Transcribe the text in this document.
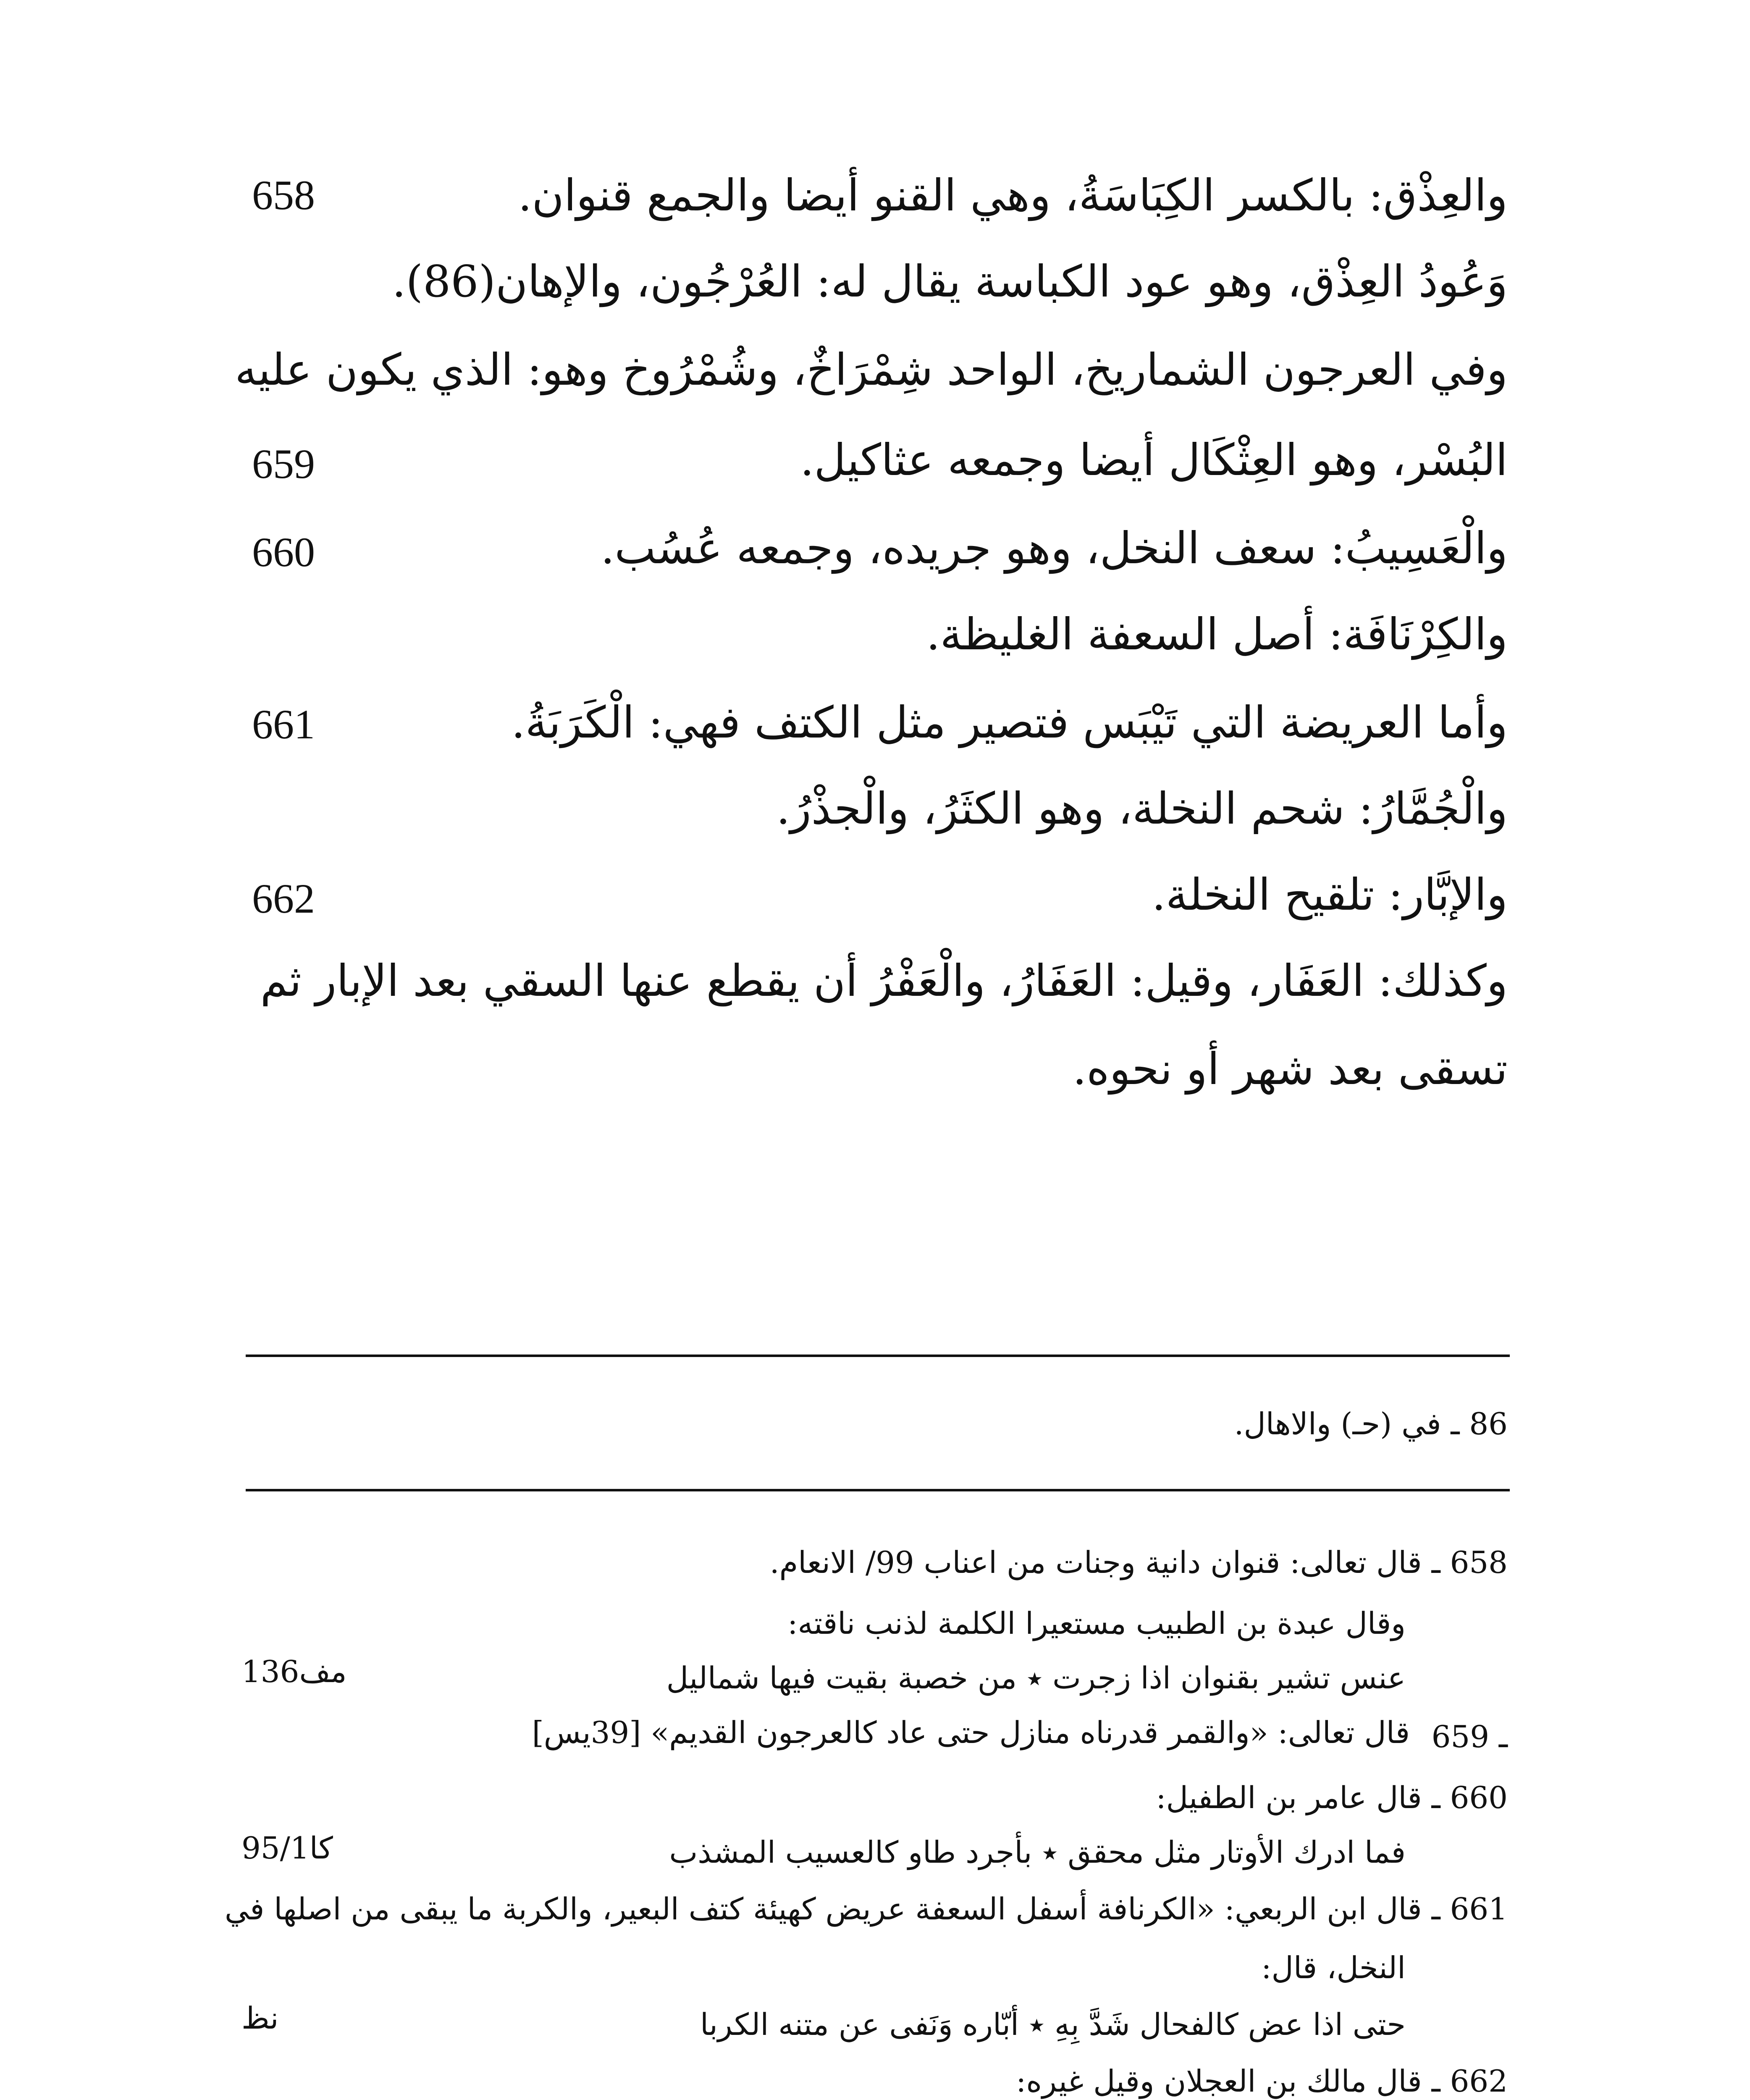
والعِذْق: بالكسر الكِبَاسَةُ، وهي القنو أيضا والجمع قنوان.
658
وَعُودُ العِذْق، وهو عود الكباسة يقال له: العُرْجُون، والإهان(86).
وفي العرجون الشماريخ، الواحد شِمْرَاخٌ، وشُمْرُوخ وهو: الذي يكون عليه
البُسْر، وهو العِثْكَال أيضا وجمعه عثاكيل.
659
والْعَسِيبُ: سعف النخل، وهو جريده، وجمعه عُسُب.
660
والكِرْنَافَة: أصل السعفة الغليظة.
وأما العريضة التي تَيْبَس فتصير مثل الكتف فهي: الْكَرَبَةُ.
661
والْجُمَّارُ: شحم النخلة، وهو الكثَرُ، والْجذْرُ.
والإبَّار: تلقيح النخلة.
662
وكذلك: العَفَار، وقيل: العَفَارُ، والْعَفْرُ أن يقطع عنها السقي بعد الإبار ثم
تسقى بعد شهر أو نحوه.
86 ـ في (حـ) والاهال.
658 ـ قال تعالى: قنوان دانية وجنات من اعناب 99/ الانعام.
وقال عبدة بن الطبيب مستعيرا الكلمة لذنب ناقته:
عنس تشير بقنوان اذا زجرت ٭ من خصبة بقيت فيها شماليل
مف136
ـ 659
قال تعالى: «والقمر قدرناه منازل حتى عاد كالعرجون القديم» [39يس]
660 ـ قال عامر بن الطفيل:
فما ادرك الأوتار مثل محقق ٭ بأجرد طاو كالعسيب المشذب
كا95/1
661 ـ قال ابن الربعي: «الكرنافة أسفل السعفة عريض كهيئة كتف البعير، والكربة ما يبقى من اصلها في
النخل، قال:
حتى اذا عض كالفحال شَدَّ بِهِ ٭ أبّاره وَنَفى عن متنه الكربا
نظ
662 ـ قال مالك بن العجلان وقيل غيره:
